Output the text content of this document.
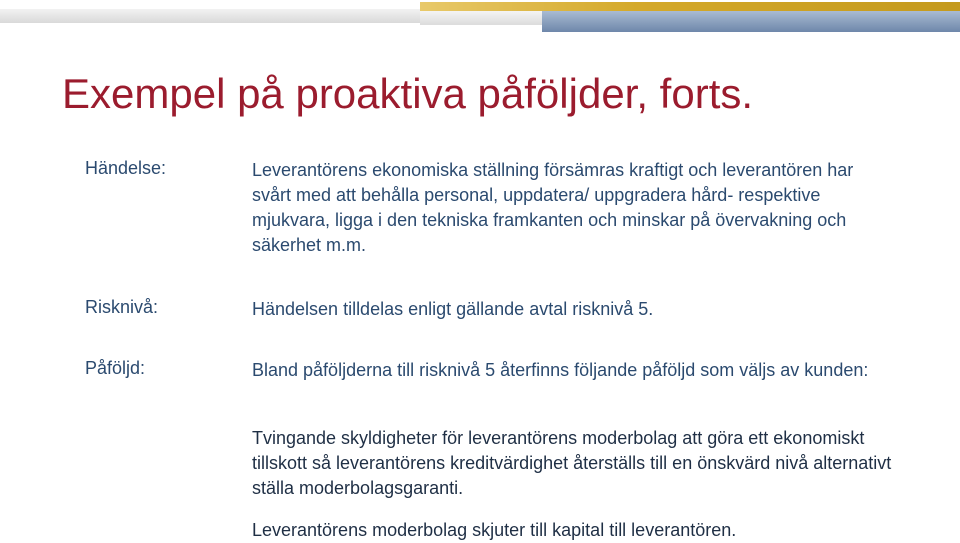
Exempel på proaktiva påföljder, forts.
Händelse:	Leverantörens ekonomiska ställning försämras kraftigt och leverantören har svårt med att behålla personal, uppdatera/ uppgradera hård- respektive mjukvara, ligga i den tekniska framkanten och minskar på övervakning och säkerhet m.m.
Risknivå:	Händelsen tilldelas enligt gällande avtal risknivå 5.
Påföljd:	Bland påföljderna till risknivå 5 återfinns följande påföljd som väljs av kunden:
Tvingande skyldigheter för leverantörens moderbolag att göra ett ekonomiskt tillskott så leverantörens kreditvärdighet återställs till en önskvärd nivå alternativt ställa moderbolagsgaranti.
Leverantörens moderbolag skjuter till kapital till leverantören.
